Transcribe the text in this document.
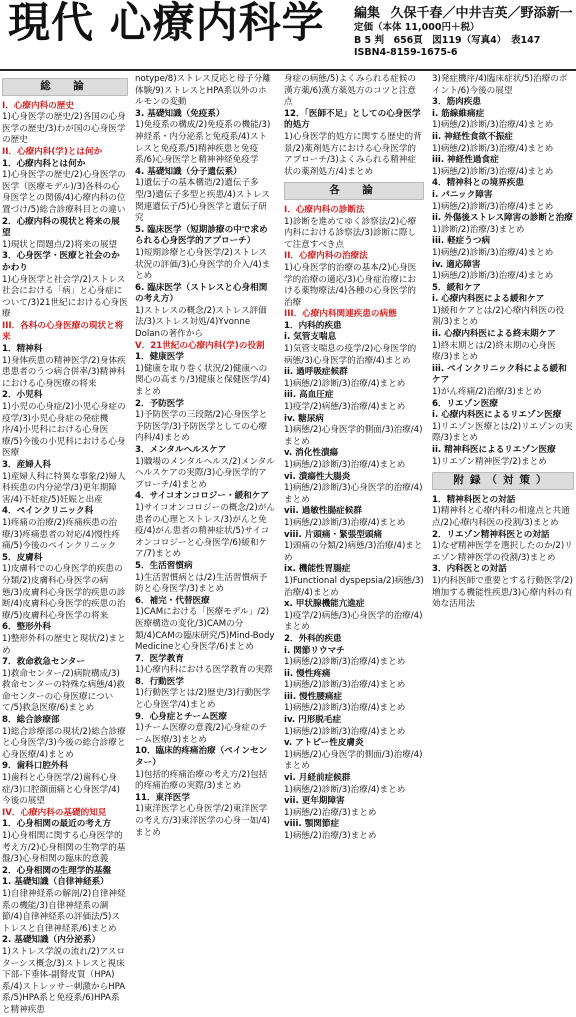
現代 心療内科学 編集 久保千春／中井吉英／野添新一
定価（本体 11,000円＋税）
B 5 判　656頁　図119（写真4）　表147
ISBN4-8159-1675-6
総　論
I．心療内科の歴史
1)心身医学の歴史/2)各国の心身医学の歴史/3)わが国の心身医学の歴史
II．心療内科(学)とは何か
1．心療内科とは何か
1)心身医学の歴史/2)心身医学の医学（医療モデル)/3)各科の心身医学との関係/4)心療内科の位置づけ/5)総合診療科目との違い
2．心療内科の現状と将来の展望
1)現状と問題点/2)将来の展望
3．心身医学・医療と社会のかかわり
1)心身医学と社会学/2)ストレス社会における「病」と心身症について/3)21世紀における心身医療
III．各科の心身医療の現状と将来
1．精神科
1)身体疾患の精神医学/2)身体疾患患者のうつ病合併率/3)精神科における心身医療の将来
2．小児科
1)小児の心身症/2)小児心身症の疫学/3)小児心身症の発症機序/4)小児科における心身医療/5)今後の小児科における心身医療
3．産婦人科
1)産婦人科に特異な事象/2)婦人科疾患の内分泌学/3)更年期障害/4)不妊症/5)妊娠と出産
4．ペインクリニック科
1)疼痛の治療/2)疼痛疾患の治療/3)疼痛患者の対応/4)慢性疼痛/5)今後のペインクリニック
5．皮膚科
1)皮膚科での心身医学的疾患の分類/2)皮膚科心身医学の病態/3)皮膚科心身医学的疾患の診断/4)皮膚科心身医学的疾患の治療/5)皮膚科心身医学の将来
6．整形外科
1)整形外科の歴史と現状/2)まとめ
7．救命救急センター
1)救命センター/2)病院構成/3)救命センターの特殊な病態/4)救命センターの心身医療について/5)救急医療/6)まとめ
8．総合診療部
1)総合診療部の現状/2)総合診療と心身医学/3)今後の総合診療と心身医療/4)まとめ
9．歯科口腔外科
1)歯科と心身医学/2)歯科心身症/3)口腔顔面痛と心身医学/4)今後の展望
IV．心療内科の基礎的知見
1．心身相関の最近の考え方
1)心身相関に関する心身医学的考え方/2)心身相関の生物学的基盤/3)心身相関の臨床的意義
2．心身相関の生理学的基盤
1. 基礎知識（自律神経系）
1)自律神経系の解剖/2)自律神経系の機能/3)自律神経系の調節/4)自律神経系の評価法/5)ストレスと自律神経系/6)まとめ
2. 基礎知識（内分泌系）
1)ストレス学説の流れ/2)アスロターシス概念/3)ストレスと視床下部-下垂体-副腎皮質（HPA)系/4)ストレッサー刺激からHPA系/5)HPA系と免疫系/6)HPA系と精神疾患
notype/8)ストレス反応と母子分離体験/9)ストレスとHPA系以外のホルモンの変動
3. 基礎知識（免疫系）
1)免疫系の構成/2)免疫系の機能/3)神経系・内分泌系と免疫系/4)ストレスと免疫系/5)精神疾患と免疫系/6)心身医学と精神神経免疫学
4. 基礎知識（分子遺伝系）
1)遺伝子の基本構造/2)遺伝子多型/3)遺伝子多型と疾患/4)ストレス関連遺伝子/5)心身医学と遺伝子研究
5. 臨床医学（短期診療の中で求められる心身医学的アプローチ）
1)短期診療と心身医学/2)ストレス状況の評価/3)心身医学的介入/4)まとめ
6. 臨床医学（ストレスと心身相関の考え方）
1)ストレスの概念/2)ストレス評価法/3)ストレス対処/4)Yvonne Dolanの著作から
V．21世紀の心療内科(学)の役割
1．健康医学
1)健康を取り巻く状況/2)健康への関心の高まり/3)健康と保健医学/4)まとめ
2．予防医学
1)予防医学の三段階/2)心身医学と予防医学/3)予防医学としての心療内科/4)まとめ
3．メンタルヘルスケア
1)職場のメンタルヘルス/2)メンタルヘルスケアの実際/3)心身医学的アプローチ/4)まとめ
4．サイコオンコロジー・緩和ケア
1)サイコオンコロジーの概念/2)がん患者の心理とストレス/3)がんと免疫/4)がん患者の精神症状/5)サイコオンコロジーと心身医学/6)緩和ケア/7)まとめ
5．生活習慣病
1)生活習慣病とは/2)生活習慣病予防と心身医学/3)まとめ
6．補完・代替医療
1)CAMにおける「医療モデル」/2)医療構造の変化/3)CAMの分類/4)CAMの臨床研究/5)Mind-Body Medicineと心身医学/6)まとめ
7．医学教育
1)心療内科における医学教育の実際
8．行動医学
1)行動医学とは/2)歴史/3)行動医学と心身医学/4)まとめ
9．心身症とチーム医療
1)チーム医療の意義/2)心身症のチーム医療/3)まとめ
10．臨床的疼痛治療（ペインセンター）
1)包括的疼痛治療の考え方/2)包括的疼痛治療の実際/3)まとめ
11．東洋医学
1)東洋医学と心身医学/2)東洋医学の考え方/3)東洋医学の心身一如/4)まとめ
身症の病態/5)よくみられる症候の漢方薬/6)漢方薬処方のコツと注意点
12．「医師不足」としての心身医学的処方
1)心身医学的処方に関する歴史的背景/2)薬剤処方における心身医学的アプローチ/3)よくみられる精神症状の薬剤処方/4)まとめ
各　論
I．心療内科の診断法
1)診断を進めてゆく診察法/2)心療内科における診察法/3)診断に際して注意すべき点
II．心療内科の治療法
1)心身医学的治療の基本/2)心身医学的治療の適応/3)心身症治療における薬物療法/4)各種の心身医学的治療
III．心療内科関連疾患の病態
1．内科的疾患
i. 気管支喘息
1)気管支喘息の疫学/2)心身医学的病態/3)心身医学的治療/4)まとめ
ii. 過呼吸症候群
1)病態/2)診断/3)治療/4)まとめ
iii. 高血圧症
1)疫学/2)病態/3)治療/4)まとめ
iv. 糖尿病
1)病態/2)心身医学的側面/3)治療/4)まとめ
v. 消化性潰瘍
1)病態/2)診断/3)治療/4)まとめ
vi. 潰瘍性大腸炎
1)病態/2)診断/3)心身医学的治療/4)まとめ
vii. 過敏性腸症候群
1)病態/2)診断/3)治療/4)まとめ
viii. 片頭痛・緊張型頭痛
1)頭痛の分類/2)病態/3)治療/4)まとめ
ix. 機能性胃腸症
1)Functional dyspepsia/2)病態/3)治療/4)まとめ
x. 甲状腺機能亢進症
1)疫学/2)病態/3)心身医学的治療/4)まとめ
2．外科的疾患
i. 関節リウマチ
1)病態/2)診断/3)治療/4)まとめ
ii. 慢性疼痛
1)病態/2)診断/3)治療/4)まとめ
iii. 慢性腰痛症
1)病態/2)診断/3)治療/4)まとめ
iv. 円形脱毛症
1)病態/2)診断/3)治療/4)まとめ
v. アトピー性皮膚炎
1)病態/2)心身医学的側面/3)治療/4)まとめ
vi. 月経前症候群
1)病態/2)診断/3)治療/4)まとめ
vii. 更年期障害
1)病態/2)治療/3)まとめ
viii. 顎関節症
1)病態/2)治療/3)まとめ
3)発症機序/4)臨床症状/5)治療のポイント/6)今後の展望
3．筋肉疾患
i. 筋線維痛症
1)病態/2)診断/3)治療/4)まとめ
ii. 神経性食欲不振症
1)病態/2)診断/3)治療/4)まとめ
iii. 神経性過食症
1)病態/2)診断/3)治療/4)まとめ
4．精神科との境界疾患
i. パニック障害
1)病態/2)診断/3)治療/4)まとめ
ii. 外傷後ストレス障害の診断と治療
1)診断/2)治療/3)まとめ
iii. 軽症うつ病
1)病態/2)診断/3)治療/4)まとめ
iv. 適応障害
1)病態/2)診断/3)治療/4)まとめ
5．緩和ケア
i. 心療内科医による緩和ケア
1)緩和ケアとは/2)心療内科医の役割/3)まとめ
ii. 心療内科医による終末期ケア
1)終末期とは/2)終末期の心身医療/3)まとめ
iii. ペインクリニック科による緩和ケア
1)がん疼痛/2)治療/3)まとめ
6．リエゾン医療
i. 心療内科医によるリエゾン医療
1)リエゾン医療とは/2)リエゾンの実際/3)まとめ
ii. 精神科医によるリエゾン医療
1)リエゾン精神医学/2)まとめ
附録（対策）
1．精神科医との対話
1)精神科と心療内科の相違点と共通点/2)心療内科医の役割/3)まとめ
2．リエゾン精神科医との対話
1)なぜ精神医学を選択したのか/2)リエゾン精神医学の役割/3)まとめ
3．内科医との対話
1)内科医師で重要とする行動医学/2)増加する機能性疾患/3)心療内科の有効な活用法
